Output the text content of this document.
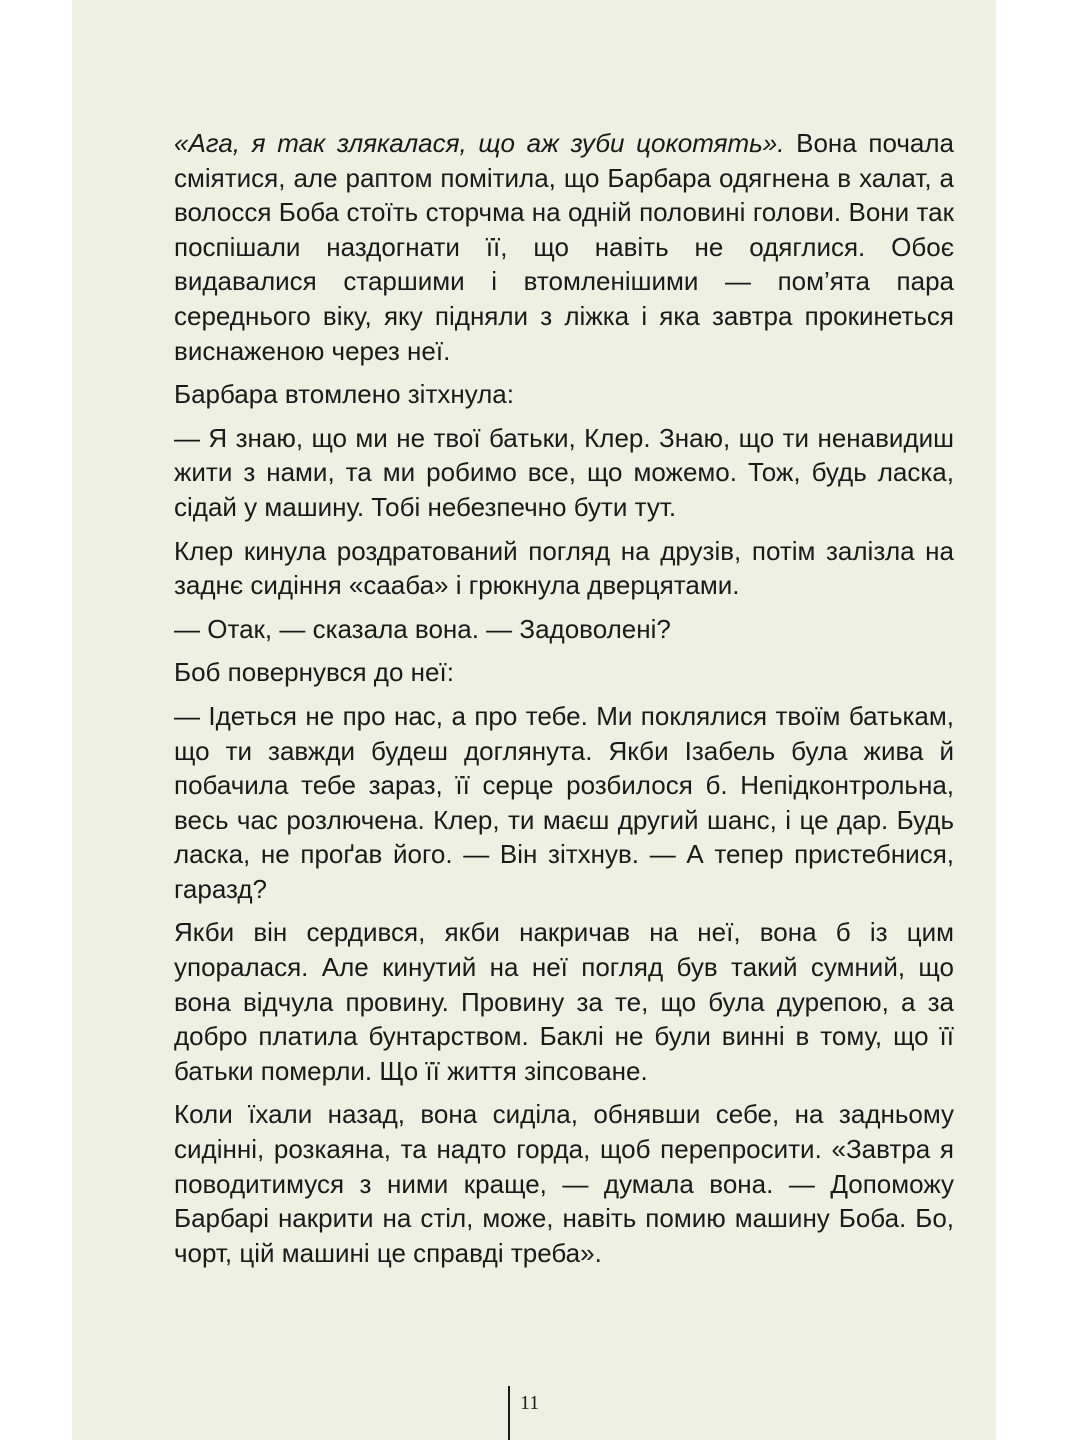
«Ага, я так злякалася, що аж зуби цокотять». Вона почала сміятися, але раптом помітила, що Барбара одягнена в халат, а волосся Боба стоїть сторчма на одній половині голови. Вони так поспішали наздогнати її, що навіть не одяглися. Обоє видавалися старшими і втомленішими — пом’ята пара середнього віку, яку підняли з ліжка і яка завтра прокинеться виснаженою через неї.

Барбара втомлено зітхнула:

— Я знаю, що ми не твої батьки, Клер. Знаю, що ти ненавидиш жити з нами, та ми робимо все, що можемо. Тож, будь ласка, сідай у машину. Тобі небезпечно бути тут.

Клер кинула роздратований погляд на друзів, потім залізла на заднє сидіння «сааба» і грюкнула дверцятами.

— Отак, — сказала вона. — Задоволені?

Боб повернувся до неї:

— Ідеться не про нас, а про тебе. Ми поклялися твоїм батькам, що ти завжди будеш доглянута. Якби Ізабель була жива й побачила тебе зараз, її серце розбилося б. Непідконтрольна, весь час розлючена. Клер, ти маєш другий шанс, і це дар. Будь ласка, не проґав його. — Він зітхнув. — А тепер пристебнися, гаразд?

Якби він сердився, якби накричав на неї, вона б із цим упоралася. Але кинутий на неї погляд був такий сумний, що вона відчула провину. Провину за те, що була дурепою, а за добро платила бунтарством. Баклі не були винні в тому, що її батьки померли. Що її життя зіпсоване.

Коли їхали назад, вона сиділа, обнявши себе, на задньому сидінні, розкаяна, та надто горда, щоб перепросити. «Завтра я поводитимуся з ними краще, — думала вона. — Допоможу Барбарі накрити на стіл, може, навіть помию машину Боба. Бо, чорт, цій машині це справді треба».

11
